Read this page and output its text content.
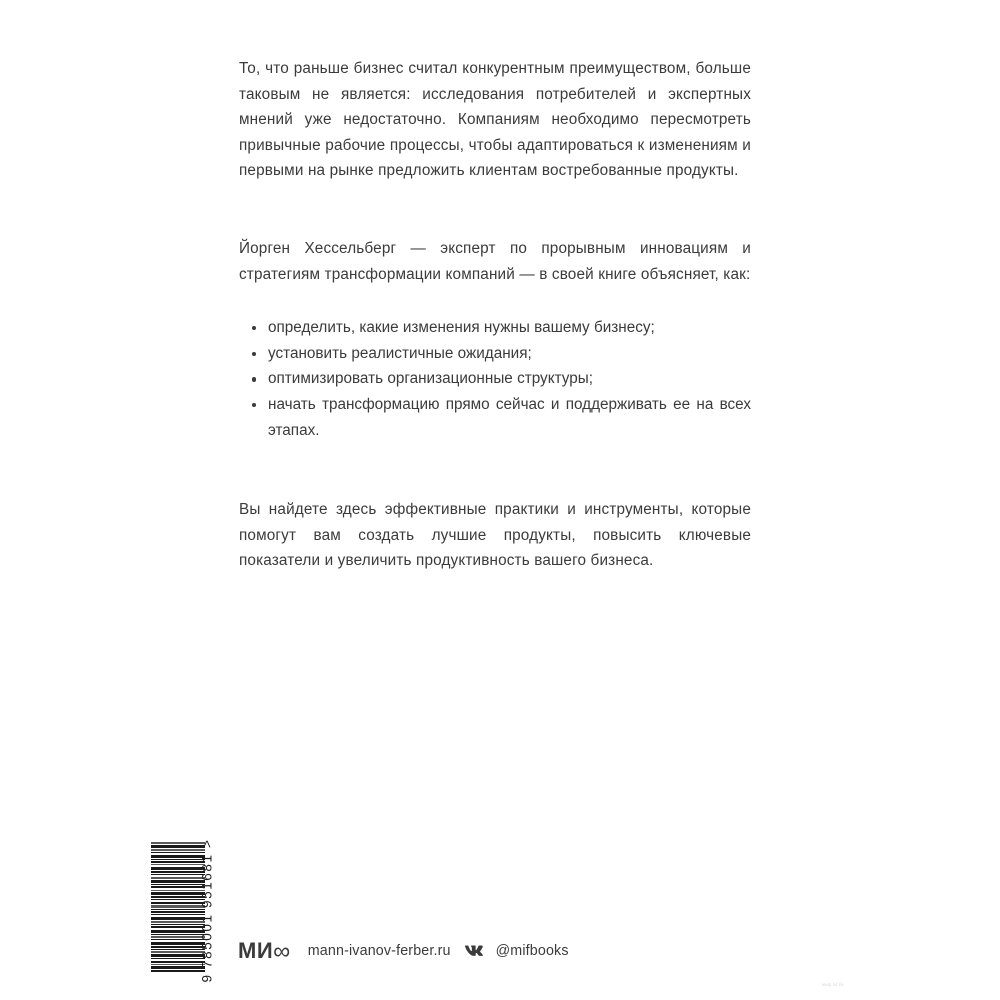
То, что раньше бизнес считал конкурентным преимуществом, больше таковым не является: исследования потребителей и экспертных мнений уже недостаточно. Компаниям необходимо пересмотреть привычные рабочие процессы, чтобы адаптироваться к изменениям и первыми на рынке предложить клиентам востребованные продукты.

Йорген Хессельберг — эксперт по прорывным инновациям и стратегиям трансформации компаний — в своей книге объясняет, как:

определить, какие изменения нужны вашему бизнесу;
установить реалистичные ожидания;
оптимизировать организационные структуры;
начать трансформацию прямо сейчас и поддерживать ее на всех этапах.

Вы найдете здесь эффективные практики и инструменты, которые помогут вам создать лучшие продукты, повысить ключевые показатели и увеличить продуктивность вашего бизнеса.

9 785001 951681 > МИ ∞ mann-ivanov-ferber.ru	@mifbooks
миф 44 бк
